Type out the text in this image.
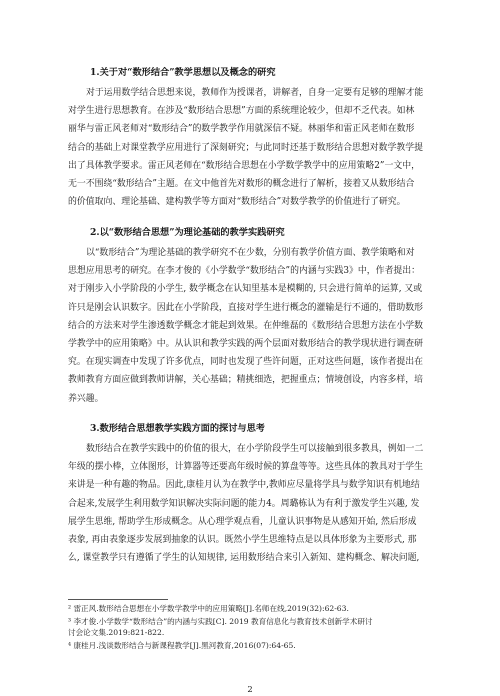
1.关于对“数形结合”教学思想以及概念的研究
对于运用数学结合思想来说，教师作为授课者，讲解者，自身一定要有足够的理解才能
对学生进行思想教育。在涉及“数形结合思想”方面的系统理论较少，但却不乏代表。如林
丽华与雷正风老师对“数形结合”的数学教学作用就深信不疑。林丽华和雷正风老师在数形
结合的基础上对课堂教学应用进行了深刻研究；与此同时还基于数形结合思想对数学教学提
出了具体教学要求。雷正风老师在“数形结合思想在小学数学教学中的应用策略2”一文中，
无一不围绕“数形结合”主题。在文中他首先对数形的概念进行了解析，接着又从数形结合
的价值取向、理论基础、建构教学等方面对“数形结合”对数学教学的价值进行了研究。
2.以“数形结合思想”为理论基础的教学实践研究
以“数形结合”为理论基础的教学研究不在少数，分别有教学价值方面、教学策略和对
思想应用思考的研究。在李才俊的《小学数学“数形结合”的内涵与实践3》中，作者提出：
对于刚步入小学阶段的小学生, 数学概念在认知里基本是模糊的, 只会进行简单的运算, 又或
许只是刚会认识数字。因此在小学阶段，直接对学生进行概念的灌输是行不通的，借助数形
结合的方法来对学生渗透数学概念才能起到效果。在仲维磊的《数形结合思想方法在小学数
学教学中的应用策略》中。从认识和教学实践的两个层面对数形结合的教学现状进行调查研
究。在现实调查中发现了许多优点，同时也发现了些许问题，正对这些问题，该作者提出在
教师教育方面应做到教师讲解，关心基础；精挑细选，把握重点；情境创设，内容多样，培
养兴趣。
3.数形结合思想教学实践方面的探讨与思考
数形结合在教学实践中的价值的很大，在小学阶段学生可以接触到很多教具，例如一二
年级的摆小棒，立体图形，计算器等还要高年级时候的算盘等等。这些具体的教具对于学生
来讲是一种有趣的物品。因此,康桂月认为在教学中,教师应尽量将学具与数学知识有机地结
合起来,发展学生利用数学知识解决实际问题的能力4。周璐栋认为有利于激发学生兴趣, 发
展学生思维, 帮助学生形成概念。从心理学观点看，儿童认识事物是从感知开始, 然后形成
表象, 再由表象逐步发展到抽象的认识。既然小学生思维特点是以具体形象为主要形式, 那
么, 课堂教学只有遵循了学生的认知规律, 运用数形结合来引入新知、建构概念、解决问题,
² 雷正风.数形结合思想在小学数学教学中的应用策略[J].名师在线,2019(32):62-63.
³ 李才俊.小学数学“数形结合”的内涵与实践[C]. 2019 教育信息化与教育技术创新学术研讨
讨会论文集.2019:821-822.
⁴ 康桂月.浅谈数形结合与新课程教学[J].黑河教育,2016(07):64-65.
2
